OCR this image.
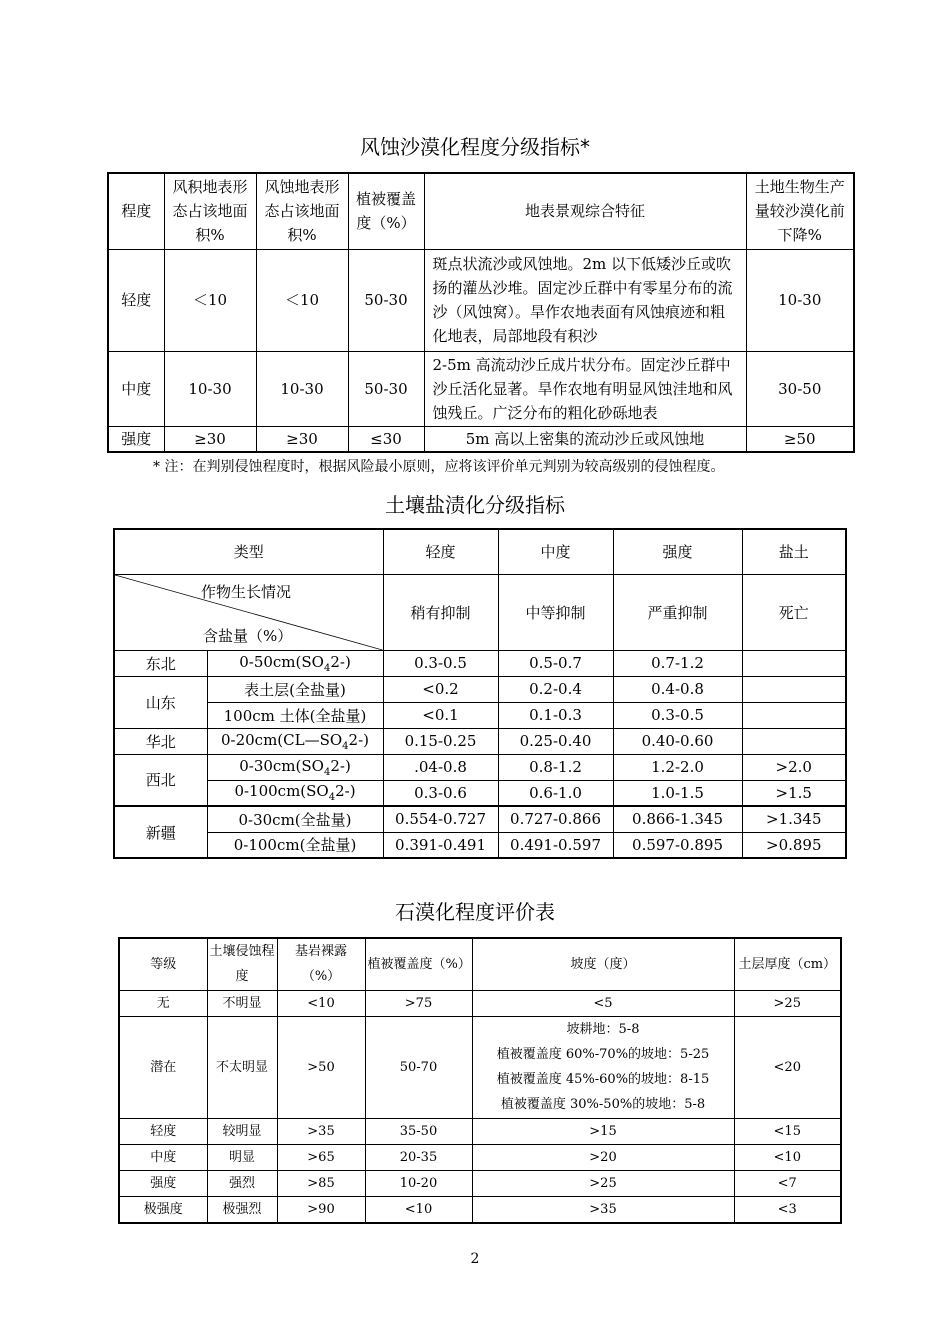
风蚀沙漠化程度分级指标*
程度	风积地表形态占该地面积%	风蚀地表形态占该地面积%	植被覆盖度（%）	地表景观综合特征	土地生物生产量较沙漠化前下降%
轻度	＜10	＜10	50-30	斑点状流沙或风蚀地。2m 以下低矮沙丘或吹扬的灌丛沙堆。固定沙丘群中有零星分布的流沙（风蚀窝）。旱作农地表面有风蚀痕迹和粗化地表，局部地段有积沙	10-30
中度	10-30	10-30	50-30	2-5m 高流动沙丘成片状分布。固定沙丘群中沙丘活化显著。旱作农地有明显风蚀洼地和风蚀残丘。广泛分布的粗化砂砾地表	30-50
强度	≥30	≥30	≤30	5m 高以上密集的流动沙丘或风蚀地	≥50
* 注：在判别侵蚀程度时，根据风险最小原则，应将该评价单元判别为较高级别的侵蚀程度。
土壤盐渍化分级指标
类型		轻度	中度	强度	盐土

作物生长情况
含盐量（%）		稍有抑制	中等抑制	严重抑制	死亡
东北	$0-50cm(SO_42-)$	0.3-0.5	0.5-0.7	0.7-1.2	
山东	表土层(全盐量)	<0.2	0.2-0.4	0.4-0.8	
	100cm 土体(全盐量)	<0.1	0.1-0.3	0.3-0.5	
华北	$0-20cm(CL—SO_42-)$	0.15-0.25	0.25-0.40	0.40-0.60	
西北	$0-30cm(SO_42-)$	.04-0.8	0.8-1.2	1.2-2.0	>2.0
	$0-100cm(SO_42-)$	0.3-0.6	0.6-1.0	1.0-1.5	>1.5
新疆	0-30cm(全盐量)	0.554-0.727	0.727-0.866	0.866-1.345	>1.345
	0-100cm(全盐量)	0.391-0.491	0.491-0.597	0.597-0.895	>0.895
石漠化程度评价表
等级	土壤侵蚀程度	基岩裸露（%）	植被覆盖度（%）	坡度（度）	土层厚度（cm）
无	不明显	<10	>75	<5	>25
潜在	不太明显	>50	50-70	坡耕地：5-8
植被覆盖度 60%-70%的坡地：5-25
植被覆盖度 45%-60%的坡地：8-15
植被覆盖度 30%-50%的坡地：5-8	<20
轻度	较明显	>35	35-50	>15	<15
中度	明显	>65	20-35	>20	<10
强度	强烈	>85	10-20	>25	<7
极强度	极强烈	>90	<10	>35	<3
2
